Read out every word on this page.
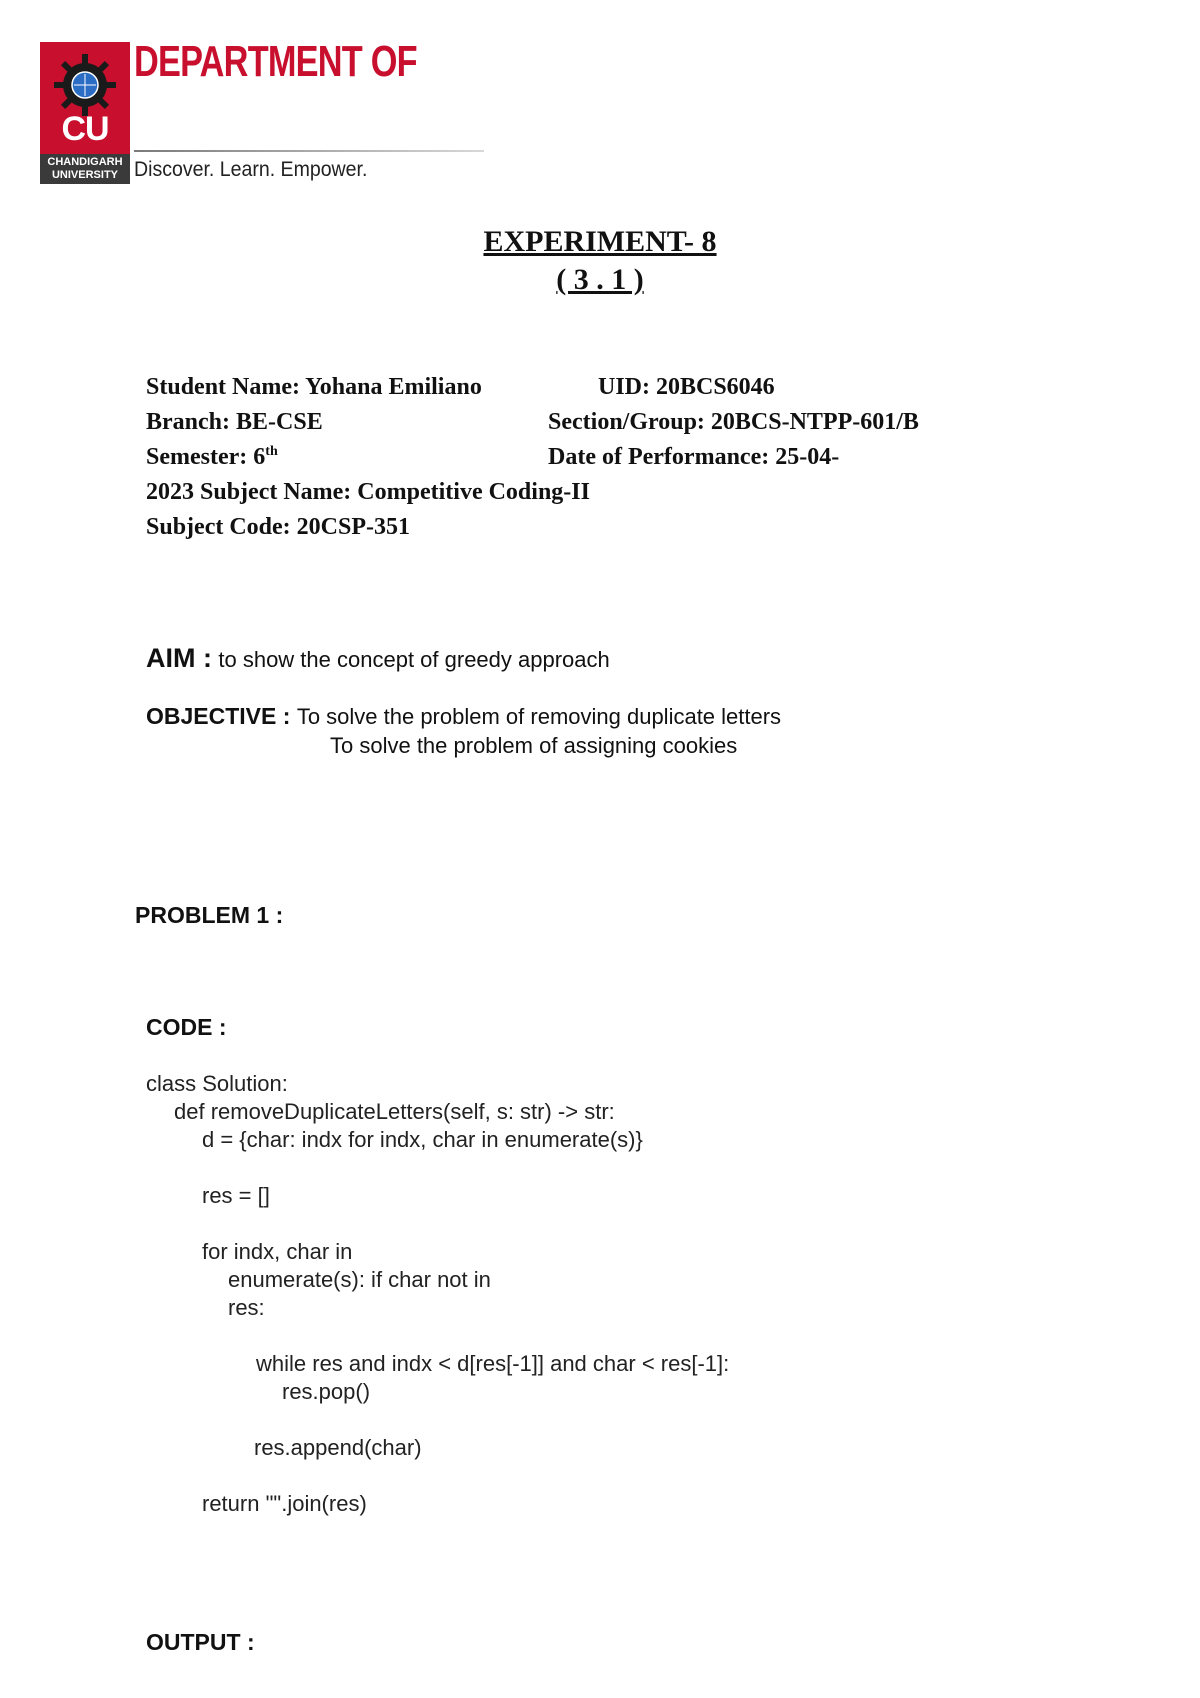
CU
CHANDIGARH
UNIVERSITY
DEPARTMENT OF
Discover. Learn. Empower.
EXPERIMENT- 8
( 3 . 1 )
Student Name: Yohana Emiliano	UID: 20BCS6046
Branch: BE-CSE	Section/Group: 20BCS-NTPP-601/B
Semester: 6th	Date of Performance: 25-04-
2023 Subject Name: Competitive Coding-II
Subject Code: 20CSP-351
AIM : to show the concept of greedy approach
OBJECTIVE : To solve the problem of removing duplicate letters
To solve the problem of assigning cookies
PROBLEM 1 :
CODE :
class Solution:
def removeDuplicateLetters(self, s: str) -> str:
d = {char: indx for indx, char in enumerate(s)}
res = []
for indx, char in
enumerate(s): if char not in
res:
while res and indx < d[res[-1]] and char < res[-1]:
res.pop()
res.append(char)
return "".join(res)
OUTPUT :
